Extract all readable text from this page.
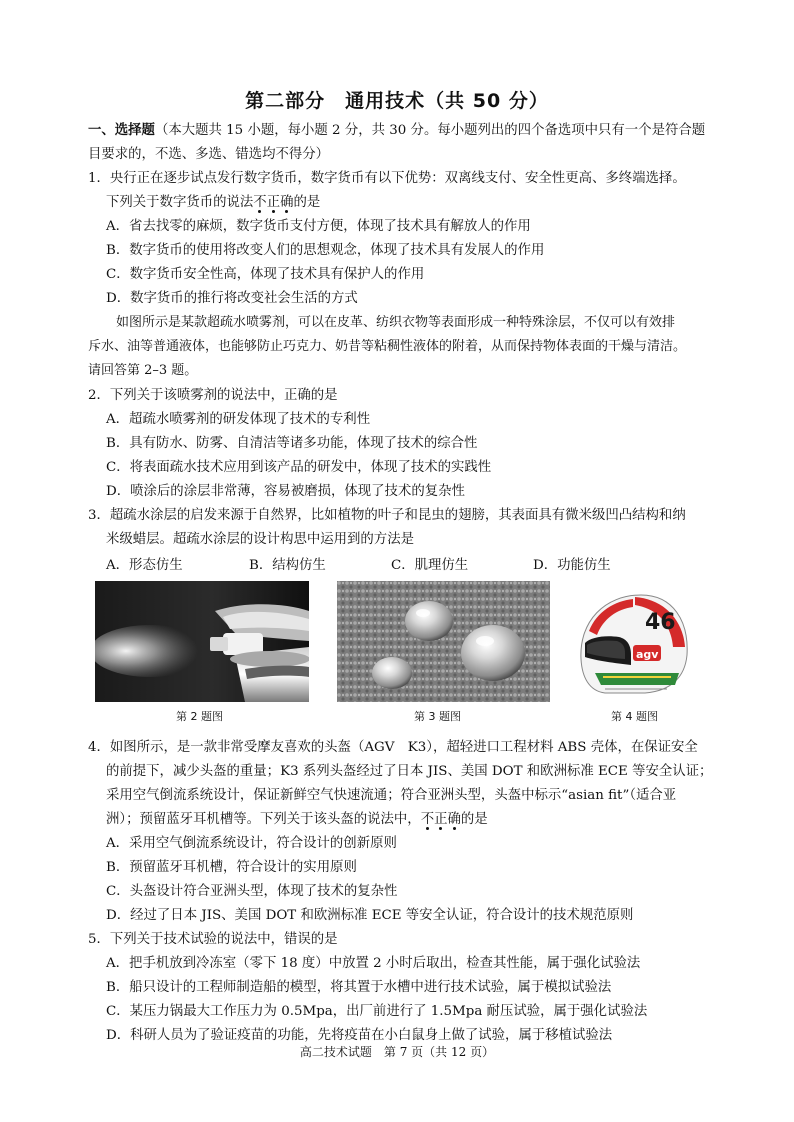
第二部分　通用技术（共 50 分）
一、选择题（本大题共 15 小题，每小题 2 分，共 30 分。每小题列出的四个备选项中只有一个是符合题
目要求的，不选、多选、错选均不得分）
1．央行正在逐步试点发行数字货币，数字货币有以下优势：双离线支付、安全性更高、多终端选择。
下列关于数字货币的说法不正确的是
A．省去找零的麻烦，数字货币支付方便，体现了技术具有解放人的作用
B．数字货币的使用将改变人们的思想观念，体现了技术具有发展人的作用
C．数字货币安全性高，体现了技术具有保护人的作用
D．数字货币的推行将改变社会生活的方式
如图所示是某款超疏水喷雾剂，可以在皮革、纺织衣物等表面形成一种特殊涂层，不仅可以有效排
斥水、油等普通液体，也能够防止巧克力、奶昔等粘稠性液体的附着，从而保持物体表面的干燥与清洁。
请回答第 2–3 题。
2．下列关于该喷雾剂的说法中，正确的是
A．超疏水喷雾剂的研发体现了技术的专利性
B．具有防水、防雾、自清洁等诸多功能，体现了技术的综合性
C．将表面疏水技术应用到该产品的研发中，体现了技术的实践性
D．喷涂后的涂层非常薄，容易被磨损，体现了技术的复杂性
3．超疏水涂层的启发来源于自然界，比如植物的叶子和昆虫的翅膀，其表面具有微米级凹凸结构和纳
米级蜡层。超疏水涂层的设计构思中运用到的方法是
A．形态仿生	B．结构仿生	C．肌理仿生	D．功能仿生
第 2 题图	第 3 题图
46
agv
第 4 题图
4．如图所示，是一款非常受摩友喜欢的头盔（AGV　K3），超轻进口工程材料 ABS 壳体，在保证安全
的前提下，减少头盔的重量；K3 系列头盔经过了日本 JIS、美国 DOT 和欧洲标准 ECE 等安全认证；
采用空气倒流系统设计，保证新鲜空气快速流通；符合亚洲头型，头盔中标示“asian fit”（适合亚
洲）；预留蓝牙耳机槽等。下列关于该头盔的说法中，不正确的是
A．采用空气倒流系统设计，符合设计的创新原则
B．预留蓝牙耳机槽，符合设计的实用原则
C．头盔设计符合亚洲头型，体现了技术的复杂性
D．经过了日本 JIS、美国 DOT 和欧洲标准 ECE 等安全认证，符合设计的技术规范原则
5．下列关于技术试验的说法中，错误的是
A．把手机放到冷冻室（零下 18 度）中放置 2 小时后取出，检查其性能，属于强化试验法
B．船只设计的工程师制造船的模型，将其置于水槽中进行技术试验，属于模拟试验法
C．某压力锅最大工作压力为 0.5Mpa，出厂前进行了 1.5Mpa 耐压试验，属于强化试验法
D．科研人员为了验证疫苗的功能，先将疫苗在小白鼠身上做了试验，属于移植试验法
高二技术试题　第 7 页（共 12 页）
